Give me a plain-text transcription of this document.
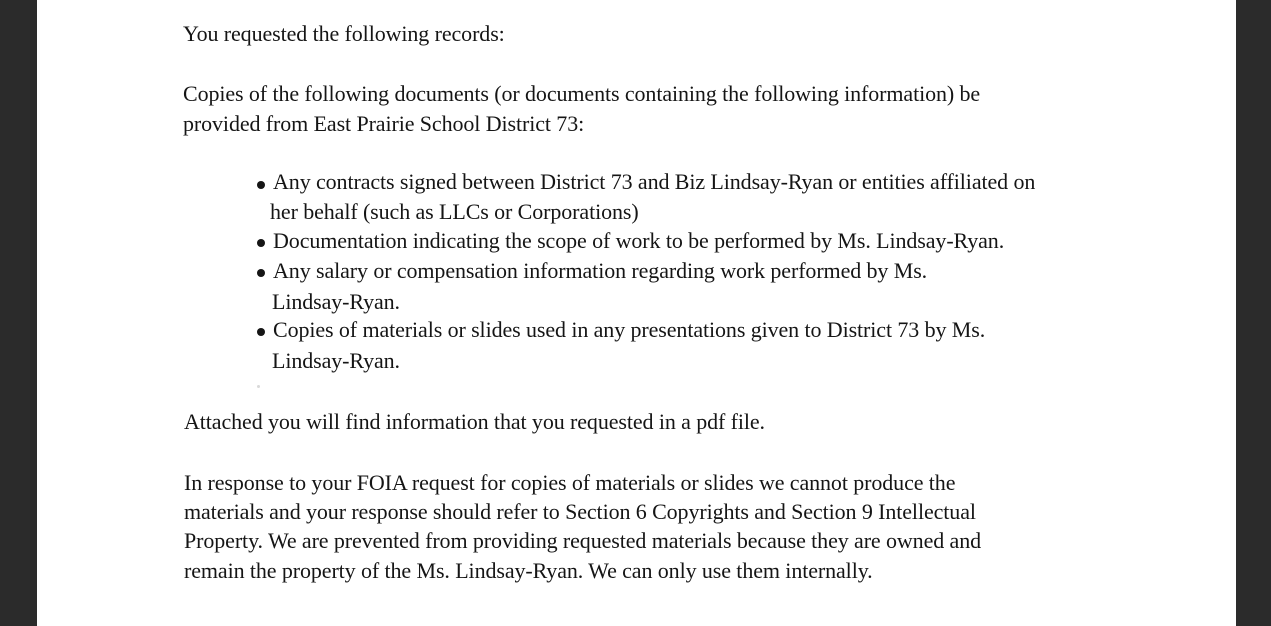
You requested the following records:
Copies of the following documents (or documents containing the following information) be
provided from East Prairie School District 73:
Any contracts signed between District 73 and Biz Lindsay-Ryan or entities affiliated on
her behalf (such as LLCs or Corporations)
Documentation indicating the scope of work to be performed by Ms. Lindsay-Ryan.
Any salary or compensation information regarding work performed by Ms.
Lindsay-Ryan.
Copies of materials or slides used in any presentations given to District 73 by Ms.
Lindsay-Ryan.
Attached you will find information that you requested in a pdf file.
In response to your FOIA request for copies of materials or slides we cannot produce the
materials and your response should refer to Section 6 Copyrights and Section 9 Intellectual
Property. We are prevented from providing requested materials because they are owned and
remain the property of the Ms. Lindsay-Ryan. We can only use them internally.
